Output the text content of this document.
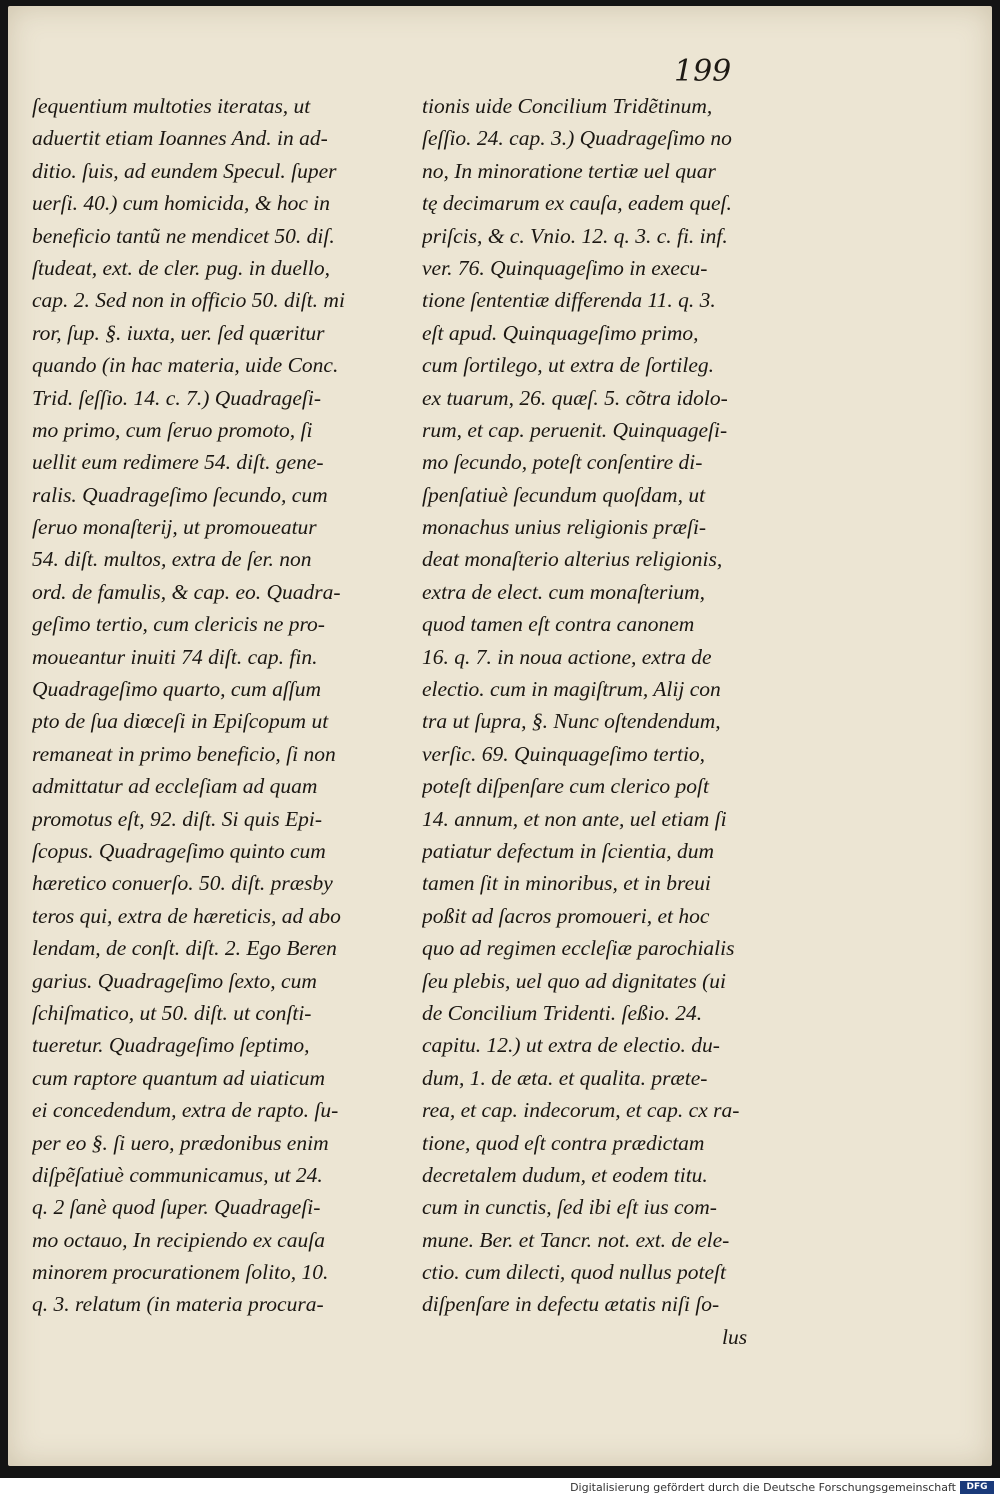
199
ſequentium multoties iteratas, ut
aduertit etiam Ioannes And. in ad-
ditio. ſuis, ad eundem Specul. ſuper
uerſi. 40.) cum homicida, & hoc in
beneficio tantũ ne mendicet 50. diſ.
ſtudeat, ext. de cler. pug. in duello,
cap. 2. Sed non in officio 50. diſt. mi
ror, ſup. §. iuxta, uer. ſed quæritur
quando (in hac materia, uide Conc.
Trid. ſeſſio. 14. c. 7.) Quadrageſi-
mo primo, cum ſeruo promoto, ſi
uellit eum redimere 54. diſt. gene-
ralis. Quadrageſimo ſecundo, cum
ſeruo monaſterij, ut promoueatur
54. diſt. multos, extra de ſer. non
ord. de famulis, & cap. eo. Quadra-
geſimo tertio, cum clericis ne pro-
moueantur inuiti 74 diſt. cap. fin.
Quadrageſimo quarto, cum aſſum
pto de ſua diœceſi in Epiſcopum ut
remaneat in primo beneficio, ſi non
admittatur ad eccleſiam ad quam
promotus eſt, 92. diſt. Si quis Epi-
ſcopus. Quadrageſimo quinto cum
hæretico conuerſo. 50. diſt. præsby
teros qui, extra de hæreticis, ad abo
lendam, de conſt. diſt. 2. Ego Beren
garius. Quadrageſimo ſexto, cum
ſchiſmatico, ut 50. diſt. ut conſti-
tueretur. Quadrageſimo ſeptimo,
cum raptore quantum ad uiaticum
ei concedendum, extra de rapto. ſu-
per eo §. ſi uero, prædonibus enim
diſpẽſatiuè communicamus, ut 24.
q. 2 ſanè quod ſuper. Quadrageſi-
mo octauo, In recipiendo ex cauſa
minorem procurationem ſolito, 10.
q. 3. relatum (in materia procura-
tionis uide Concilium Tridẽtinum,
ſeſſio. 24. cap. 3.) Quadrageſimo no
no, In minoratione tertiæ uel quar
tę decimarum ex cauſa, eadem queſ.
priſcis, & c. Vnio. 12. q. 3. c. fi. inf.
ver. 76. Quinquageſimo in execu-
tione ſententiæ differenda 11. q. 3.
eſt apud. Quinquageſimo primo,
cum ſortilego, ut extra de ſortileg.
ex tuarum, 26. quæſ. 5. cõtra idolo-
rum, et cap. peruenit. Quinquageſi-
mo ſecundo, poteſt conſentire di-
ſpenſatiuè ſecundum quoſdam, ut
monachus unius religionis præſi-
deat monaſterio alterius religionis,
extra de elect. cum monaſterium,
quod tamen eſt contra canonem
16. q. 7. in noua actione, extra de
electio. cum in magiſtrum, Alij con
tra ut ſupra, §. Nunc oſtendendum,
verſic. 69. Quinquageſimo tertio,
poteſt diſpenſare cum clerico poſt
14. annum, et non ante, uel etiam ſi
patiatur defectum in ſcientia, dum
tamen ſit in minoribus, et in breui
poßit ad ſacros promoueri, et hoc
quo ad regimen eccleſiæ parochialis
ſeu plebis, uel quo ad dignitates (ui
de Concilium Tridenti. ſeßio. 24.
capitu. 12.) ut extra de electio. du-
dum, 1. de æta. et qualita. præte-
rea, et cap. indecorum, et cap. cx ra-
tione, quod eſt contra prædictam
decretalem dudum, et eodem titu.
cum in cunctis, ſed ibi eſt ius com-
mune. Ber. et Tancr. not. ext. de ele-
ctio. cum dilecti, quod nullus poteſt
diſpenſare in defectu ætatis niſi ſo-
lus
Digitalisierung gefördert durch die Deutsche Forschungsgemeinschaft	DFG
